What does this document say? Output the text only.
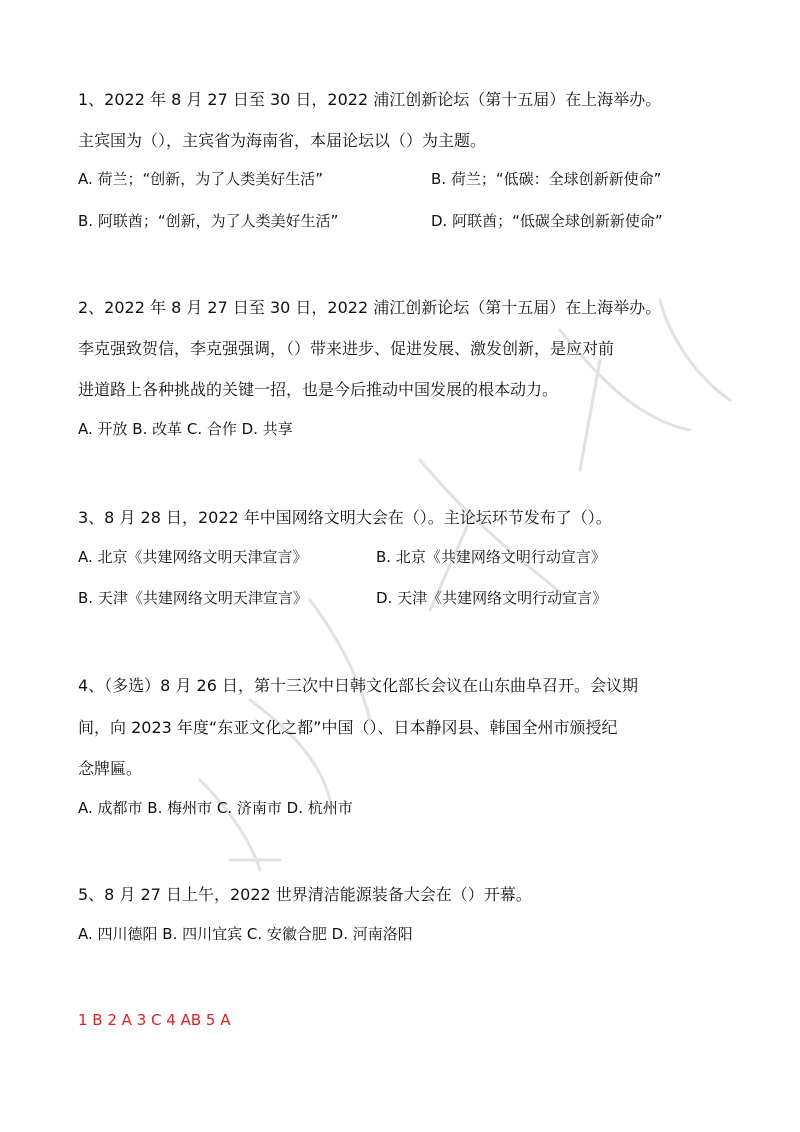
1、2022 年 8 月 27 日至 30 日，2022 浦江创新论坛（第十五届）在上海举办。
主宾国为（），主宾省为海南省，本届论坛以（）为主题。
A. 荷兰；“创新，为了人类美好生活”	B. 荷兰；“低碳：全球创新新使命”
B. 阿联酋；“创新，为了人类美好生活”	D. 阿联酋；“低碳全球创新新使命”
2、2022 年 8 月 27 日至 30 日，2022 浦江创新论坛（第十五届）在上海举办。
李克强致贺信，李克强强调，（）带来进步、促进发展、激发创新，是应对前
进道路上各种挑战的关键一招，也是今后推动中国发展的根本动力。
A. 开放 B. 改革 C. 合作 D. 共享
3、8 月 28 日，2022 年中国网络文明大会在（）。主论坛环节发布了（）。
A. 北京《共建网络文明天津宣言》	B. 北京《共建网络文明行动宣言》
B. 天津《共建网络文明天津宣言》	D. 天津《共建网络文明行动宣言》
4、（多选）8 月 26 日，第十三次中日韩文化部长会议在山东曲阜召开。会议期
间，向 2023 年度“东亚文化之都”中国（）、日本静冈县、韩国全州市颁授纪
念牌匾。
A. 成都市 B. 梅州市 C. 济南市 D. 杭州市
5、8 月 27 日上午，2022 世界清洁能源装备大会在（）开幕。
A. 四川德阳 B. 四川宜宾 C. 安徽合肥 D. 河南洛阳
1 B 2 A 3 C 4 AB 5 A
